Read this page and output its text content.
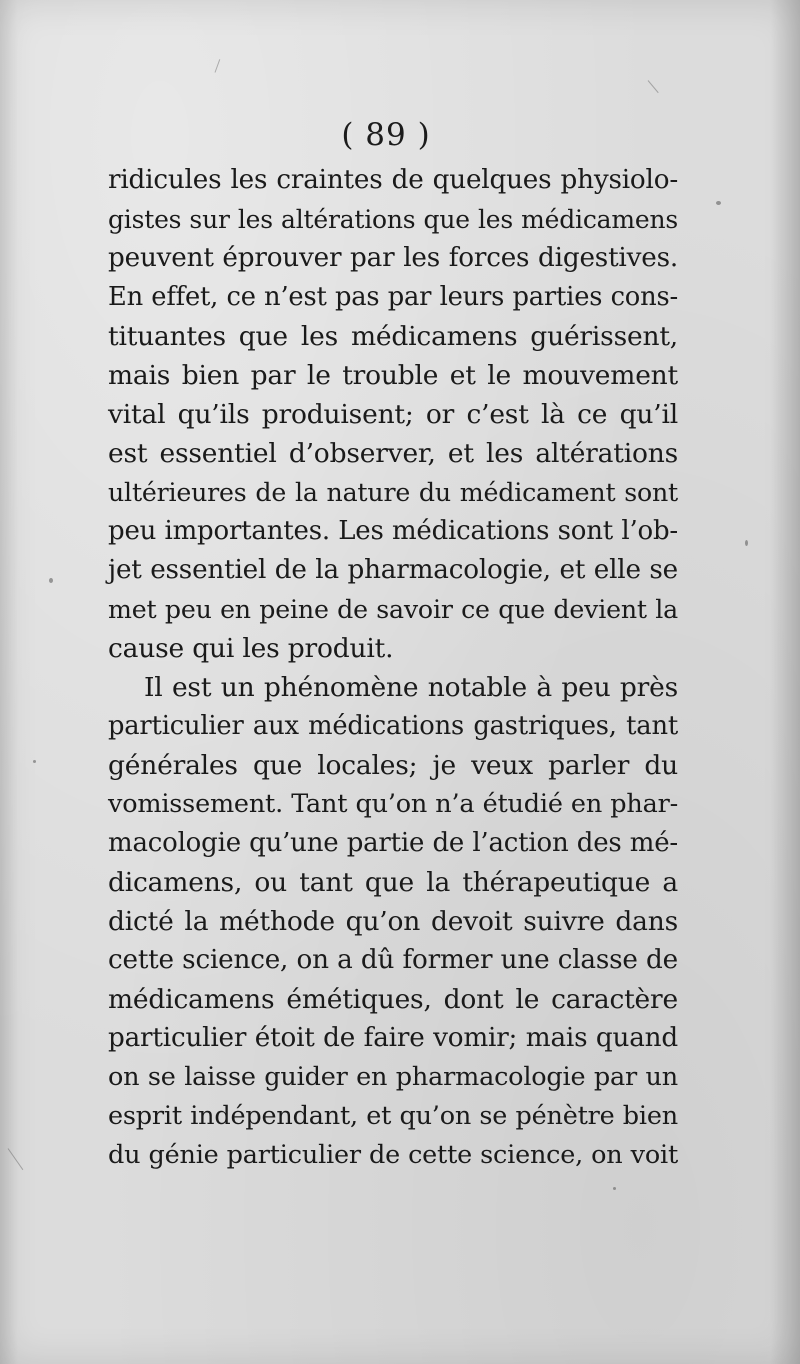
( 89 )
ridicules les craintes de quelques physiolo-
gistes sur les altérations que les médicamens
peuvent éprouver par les forces digestives.
En effet, ce n’est pas par leurs parties cons-
tituantes que les médicamens guérissent,
mais bien par le trouble et le mouvement
vital qu’ils produisent; or c’est là ce qu’il
est essentiel d’observer, et les altérations
ultérieures de la nature du médicament sont
peu importantes. Les médications sont l’ob-
jet essentiel de la pharmacologie, et elle se
met peu en peine de savoir ce que devient la
cause qui les produit.
Il est un phénomène notable à peu près
particulier aux médications gastriques, tant
générales que locales; je veux parler du
vomissement. Tant qu’on n’a étudié en phar-
macologie qu’une partie de l’action des mé-
dicamens, ou tant que la thérapeutique a
dicté la méthode qu’on devoit suivre dans
cette science, on a dû former une classe de
médicamens émétiques, dont le caractère
particulier étoit de faire vomir; mais quand
on se laisse guider en pharmacologie par un
esprit indépendant, et qu’on se pénètre bien
du génie particulier de cette science, on voit
